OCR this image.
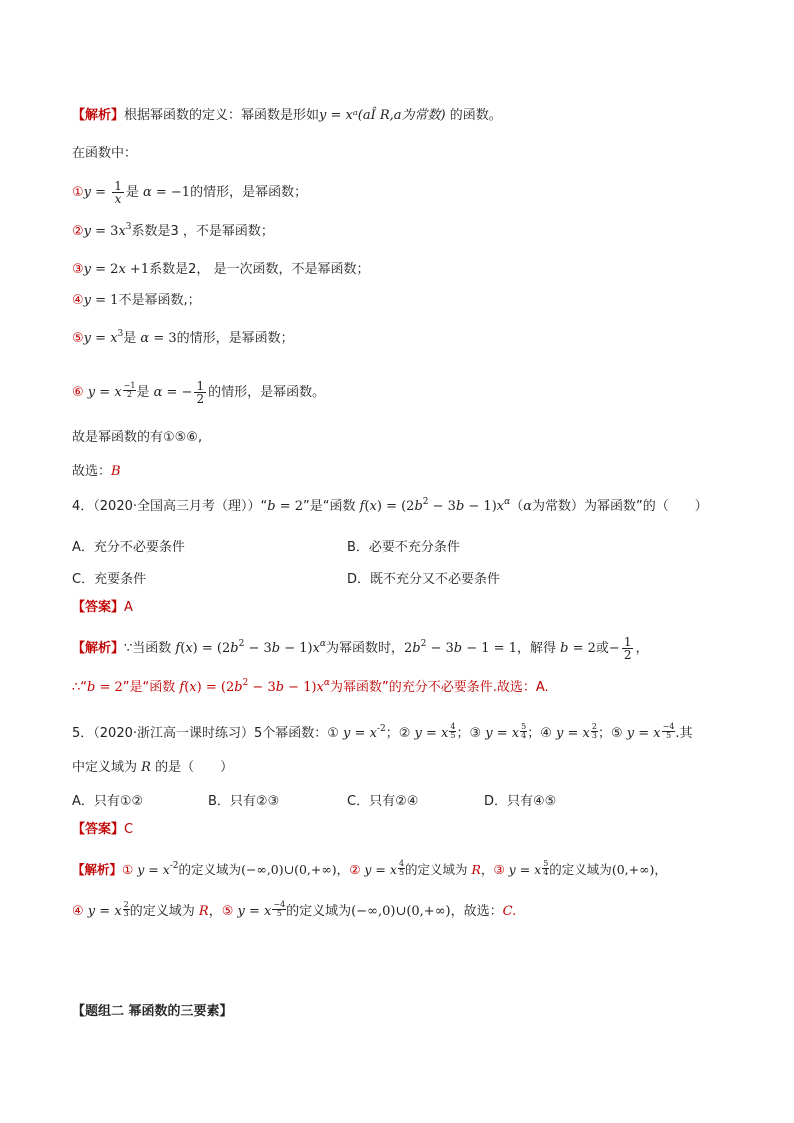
【解析】根据幂函数的定义：幂函数是形如y = xᵃ(aÎ R,a为常数) 的函数。
在函数中：
①y = $\frac{1}{x}$ 是 α = −1的情形，是幂函数；
②y = $3x^3$系数是3 ，不是幂函数；
③y = 2x +1系数是2， 是一次函数，不是幂函数；
④y = 1不是幂函数,；
⑤y = $x^3$是 α = 3的情形，是幂函数；
⑥ y = x $\frac{-1}{2}$ 是 α = − $\frac{1}{2}$ 的情形，是幂函数。
故是幂函数的有①⑤⑥,
故选：B
4．（2020·全国高三月考（理））“b = 2”是“函数 $f(x) = (2b^2 - 3b - 1)x^\alpha(\alpha$为常数）为幂函数”的（　　）
A．充分不必要条件	B．必要不充分条件
C．充要条件	D．既不充分又不必要条件
【答案】A
【解析】∵当函数 $f(x) = (2b^2 - 3b - 1)x^\alpha$为幂函数时，$2b^2 - 3b - 1 = 1$，解得 b = 2或− $\frac{1}{2}$ ，
∴“b = 2”是“函数 $f(x) = (2b^2 - 3b - 1)x^\alpha$为幂函数”的充分不必要条件.故选：A.
5．（2020·浙江高一课时练习）5个幂函数：① $y = x^{-2}$；② y = x $\frac{4}{5}$ ；③ y = x $\frac{5}{4}$ ；④ y = x $\frac{2}{3}$ ；⑤ y = x $\frac{-4}{5}$ .其
中定义域为 R 的是（　　）
A．只有①②	B．只有②③	C．只有②④	D．只有④⑤
【答案】C
【解析】① $y = x^{-2}$的定义域为(−∞,0)∪(0,+∞)，② y = x $\frac{4}{5}$ 的定义域为 R，③ y = x $\frac{5}{4}$ 的定义域为(0,+∞)，
④ y = x $\frac{2}{3}$ 的定义域为 R，⑤ y = x $\frac{-4}{5}$ 的定义域为(−∞,0)∪(0,+∞)，故选：C.
【题组二 幂函数的三要素】
